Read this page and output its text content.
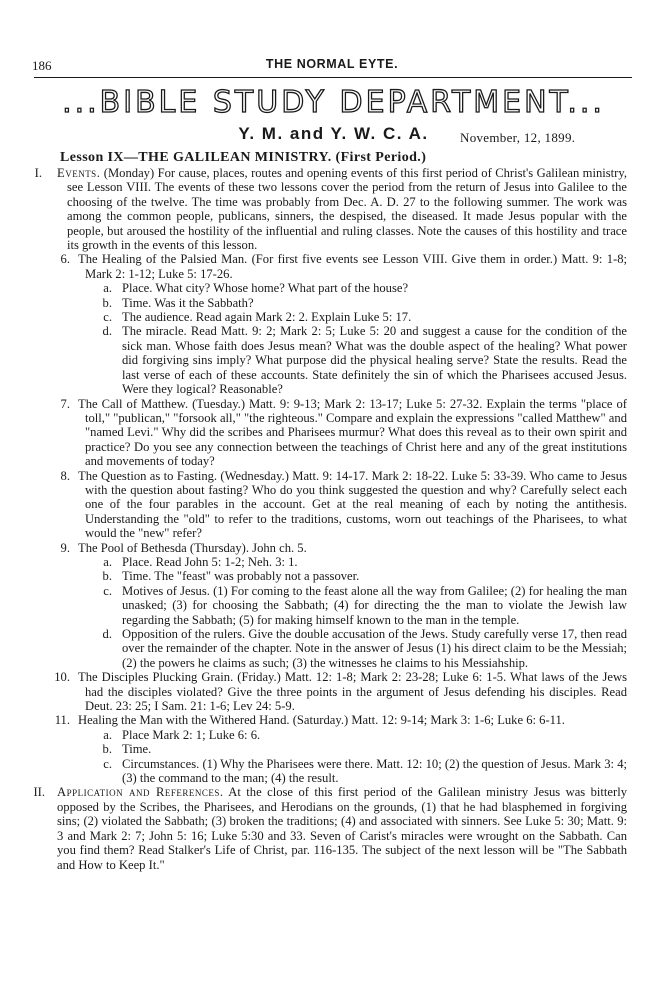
186	THE NORMAL EYTE.
...BIBLE STUDY DEPARTMENT...
Y. M. and Y. W. C. A.	November, 12, 1899.
Lesson IX—THE GALILEAN MINISTRY. (First Period.)
I. Events. (Monday) For cause, places, routes and opening events of this first period of Christ's Galilean ministry, see Lesson VIII. The events of these two lessons cover the period from the return of Jesus into Galilee to the choosing of the twelve. The time was probably from Dec. A. D. 27 to the following summer. The work was among the common people, publicans, sinners, the despised, the diseased. It made Jesus popular with the people, but aroused the hostility of the influential and ruling classes. Note the causes of this hostility and trace its growth in the events of this lesson.
6. The Healing of the Palsied Man. (For first five events see Lesson VIII. Give them in order.) Matt. 9: 1-8; Mark 2: 1-12; Luke 5: 17-26.
a. Place. What city? Whose home? What part of the house?
b. Time. Was it the Sabbath?
c. The audience. Read again Mark 2: 2. Explain Luke 5: 17.
d. The miracle. Read Matt. 9: 2; Mark 2: 5; Luke 5: 20 and suggest a cause for the condition of the sick man. Whose faith does Jesus mean? What was the double aspect of the healing? What power did forgiving sins imply? What purpose did the physical healing serve? State the results. Read the last verse of each of these accounts. State definitely the sin of which the Pharisees accused Jesus. Were they logical? Reasonable?
7. The Call of Matthew. (Tuesday.) Matt. 9: 9-13; Mark 2: 13-17; Luke 5: 27-32. Explain the terms "place of toll," "publican," "forsook all," "the righteous." Compare and explain the expressions "called Matthew" and "named Levi." Why did the scribes and Pharisees murmur? What does this reveal as to their own spirit and practice? Do you see any connection between the teachings of Christ here and any of the great institutions and movements of today?
8. The Question as to Fasting. (Wednesday.) Matt. 9: 14-17. Mark 2: 18-22. Luke 5: 33-39. Who came to Jesus with the question about fasting? Who do you think suggested the question and why? Carefully select each one of the four parables in the account. Get at the real meaning of each by noting the antithesis. Understanding the "old" to refer to the traditions, customs, worn out teachings of the Pharisees, to what would the "new" refer?
9. The Pool of Bethesda (Thursday). John ch. 5.
a. Place. Read John 5: 1-2; Neh. 3: 1.
b. Time. The "feast" was probably not a passover.
c. Motives of Jesus. (1) For coming to the feast alone all the way from Galilee; (2) for healing the man unasked; (3) for choosing the Sabbath; (4) for directing the the man to violate the Jewish law regarding the Sabbath; (5) for making himself known to the man in the temple.
d. Opposition of the rulers. Give the double accusation of the Jews. Study carefully verse 17, then read over the remainder of the chapter. Note in the answer of Jesus (1) his direct claim to be the Messiah; (2) the powers he claims as such; (3) the witnesses he claims to his Messiahship.
10. The Disciples Plucking Grain. (Friday.) Matt. 12: 1-8; Mark 2: 23-28; Luke 6: 1-5. What laws of the Jews had the disciples violated? Give the three points in the argument of Jesus defending his disciples. Read Deut. 23: 25; I Sam. 21: 1-6; Lev 24: 5-9.
11. Healing the Man with the Withered Hand. (Saturday.) Matt. 12: 9-14; Mark 3: 1-6; Luke 6: 6-11.
a. Place Mark 2: 1; Luke 6: 6.
b. Time.
c. Circumstances. (1) Why the Pharisees were there. Matt. 12: 10; (2) the question of Jesus. Mark 3: 4; (3) the command to the man; (4) the result.
II. Application and References. At the close of this first period of the Galilean ministry Jesus was bitterly opposed by the Scribes, the Pharisees, and Herodians on the grounds, (1) that he had blasphemed in forgiving sins; (2) violated the Sabbath; (3) broken the traditions; (4) and associated with sinners. See Luke 5: 30; Matt. 9: 3 and Mark 2: 7; John 5: 16; Luke 5:30 and 33. Seven of Carist's miracles were wrought on the Sabbath. Can you find them? Read Stalker's Life of Christ, par. 116-135. The subject of the next lesson will be "The Sabbath and How to Keep It."
